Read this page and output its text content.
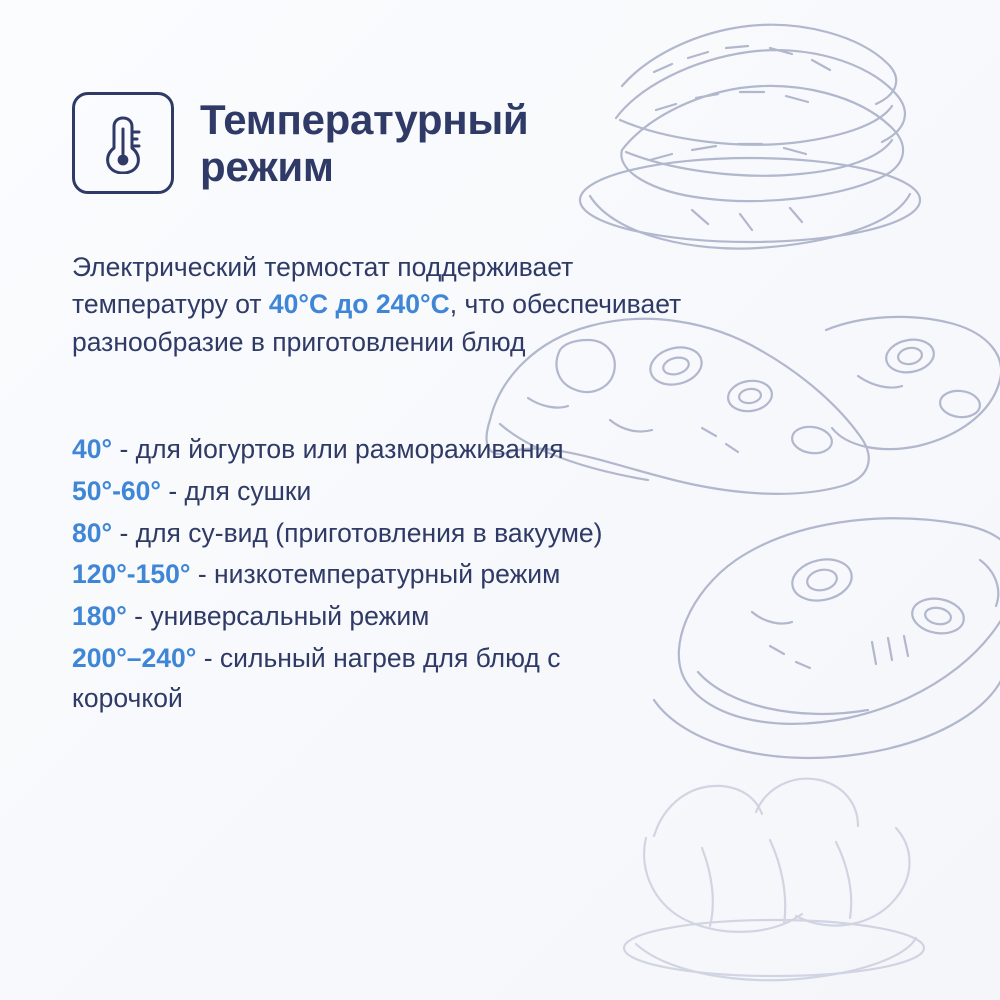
Температурный режим

Электрический термостат поддерживает температуру от 40°C до 240°C, что обеспечивает разнообразие в приготовлении блюд

40° - для йогуртов или размораживания

50°-60° - для сушки

80° - для су-вид (приготовления в вакууме)

120°-150° - низкотемпературный режим

180° - универсальный режим

200°–240° - сильный нагрев для блюд с корочкой
